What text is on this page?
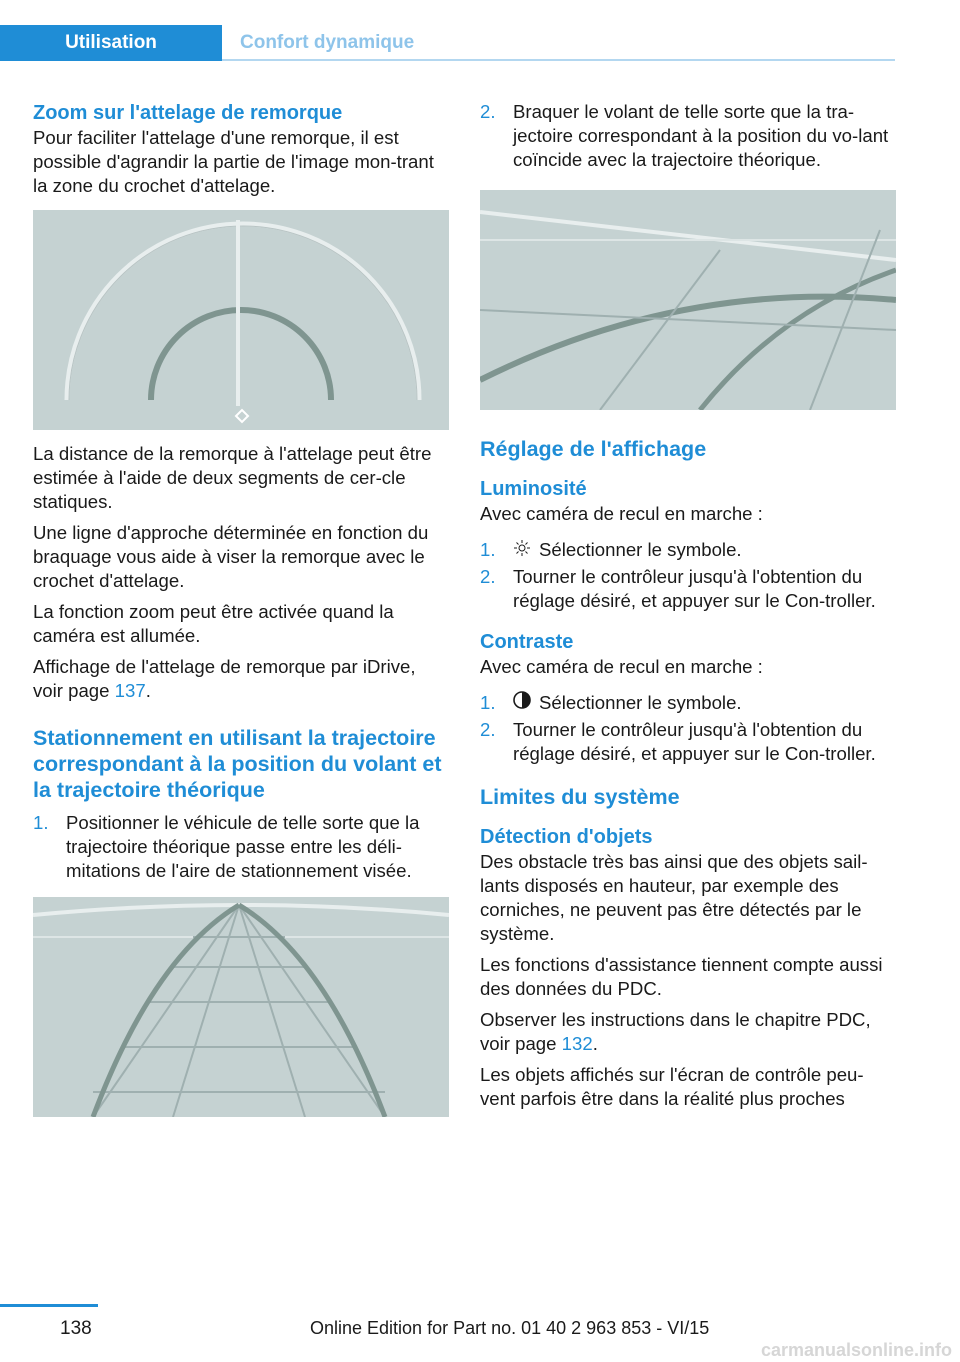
Utilisation	Confort dynamique
Zoom sur l'attelage de remorque

Pour faciliter l'attelage d'une remorque, il est possible d'agrandir la partie de l'image mon-trant la zone du crochet d'attelage.

La distance de la remorque à l'attelage peut être estimée à l'aide de deux segments de cer-cle statiques.

Une ligne d'approche déterminée en fonction du braquage vous aide à viser la remorque avec le crochet d'attelage.

La fonction zoom peut être activée quand la caméra est allumée.

Affichage de l'attelage de remorque par iDrive, voir page 137.

Stationnement en utilisant la trajectoire correspondant à la position du volant et la trajectoire théorique
1. Positionner le véhicule de telle sorte que la trajectoire théorique passe entre les déli-mitations de l'aire de stationnement visée.
2. Braquer le volant de telle sorte que la tra-jectoire correspondant à la position du vo-lant coïncide avec la trajectoire théorique.
Réglage de l'affichage
Luminosité

Avec caméra de recul en marche :

1. Sélectionner le symbole.
2. Tourner le contrôleur jusqu'à l'obtention du réglage désiré, et appuyer sur le Con-troller.
Contraste

Avec caméra de recul en marche :

1. Sélectionner le symbole.
2. Tourner le contrôleur jusqu'à l'obtention du réglage désiré, et appuyer sur le Con-troller.
Limites du système
Détection d'objets

Des obstacle très bas ainsi que des objets sail-lants disposés en hauteur, par exemple des corniches, ne peuvent pas être détectés par le système.

Les fonctions d'assistance tiennent compte aussi des données du PDC.

Observer les instructions dans le chapitre PDC, voir page 132.

Les objets affichés sur l'écran de contrôle peu-vent parfois être dans la réalité plus proches

138	Online Edition for Part no. 01 40 2 963 853 - VI/15
carmanualsonline.info
